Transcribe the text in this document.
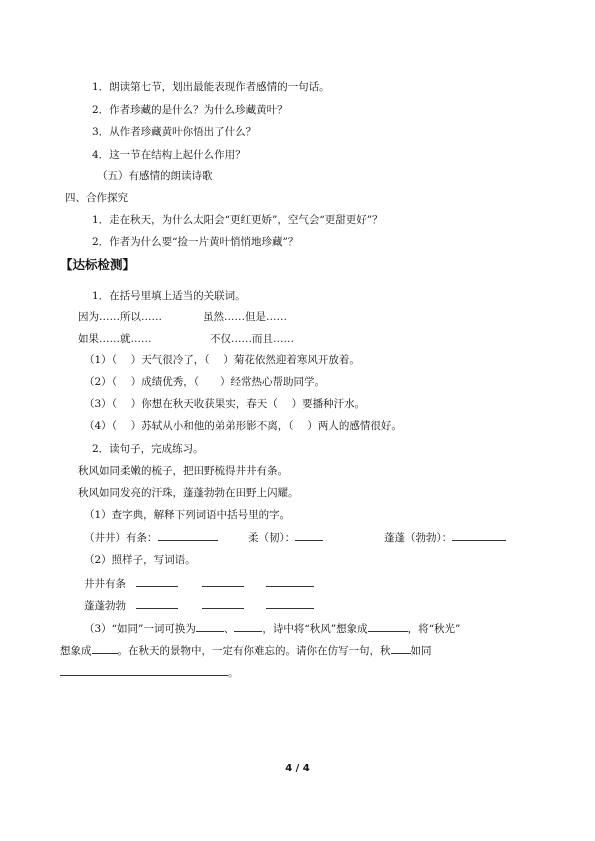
1．朗读第七节，划出最能表现作者感情的一句话。
2．作者珍藏的是什么？为什么珍藏黄叶？
3．从作者珍藏黄叶你悟出了什么？
4．这一节在结构上起什么作用？
（五）有感情的朗读诗歌
四、合作探究
1．走在秋天，为什么太阳会“更红更娇”，空气会“更甜更好”？
2．作者为什么要“捡一片黄叶悄悄地珍藏”？
【达标检测】
1．在括号里填上适当的关联词。
因为……所以……	虽然……但是……
如果……就……	不仅……而且……
（1）（　 ）天气很冷了，（　 ）菊花依然迎着寒风开放着。
（2）（　 ）成绩优秀，（　　）经常热心帮助同学。
（3）（　 ）你想在秋天收获果实，春天（　 ）要播种汗水。
（4）（　 ）苏轼从小和他的弟弟形影不离，（　 ）两人的感情很好。
2．读句子，完成练习。
秋风如同柔嫩的梳子，把田野梳得井井有条。
秋风如同发亮的汗珠，蓬蓬勃勃在田野上闪耀。
（1）查字典，解释下列词语中括号里的字。
（井井）有条：	柔（韧）：	蓬蓬（勃勃）：
（2）照样子，写词语。
井井有条
蓬蓬勃勃
（3）“如同”一词可换为	、	，诗中将“秋风”想象成	，将“秋光”
想象成 。在秋天的景物中，一定有你难忘的。请你在仿写一句，秋 如同
。
4 / 4
